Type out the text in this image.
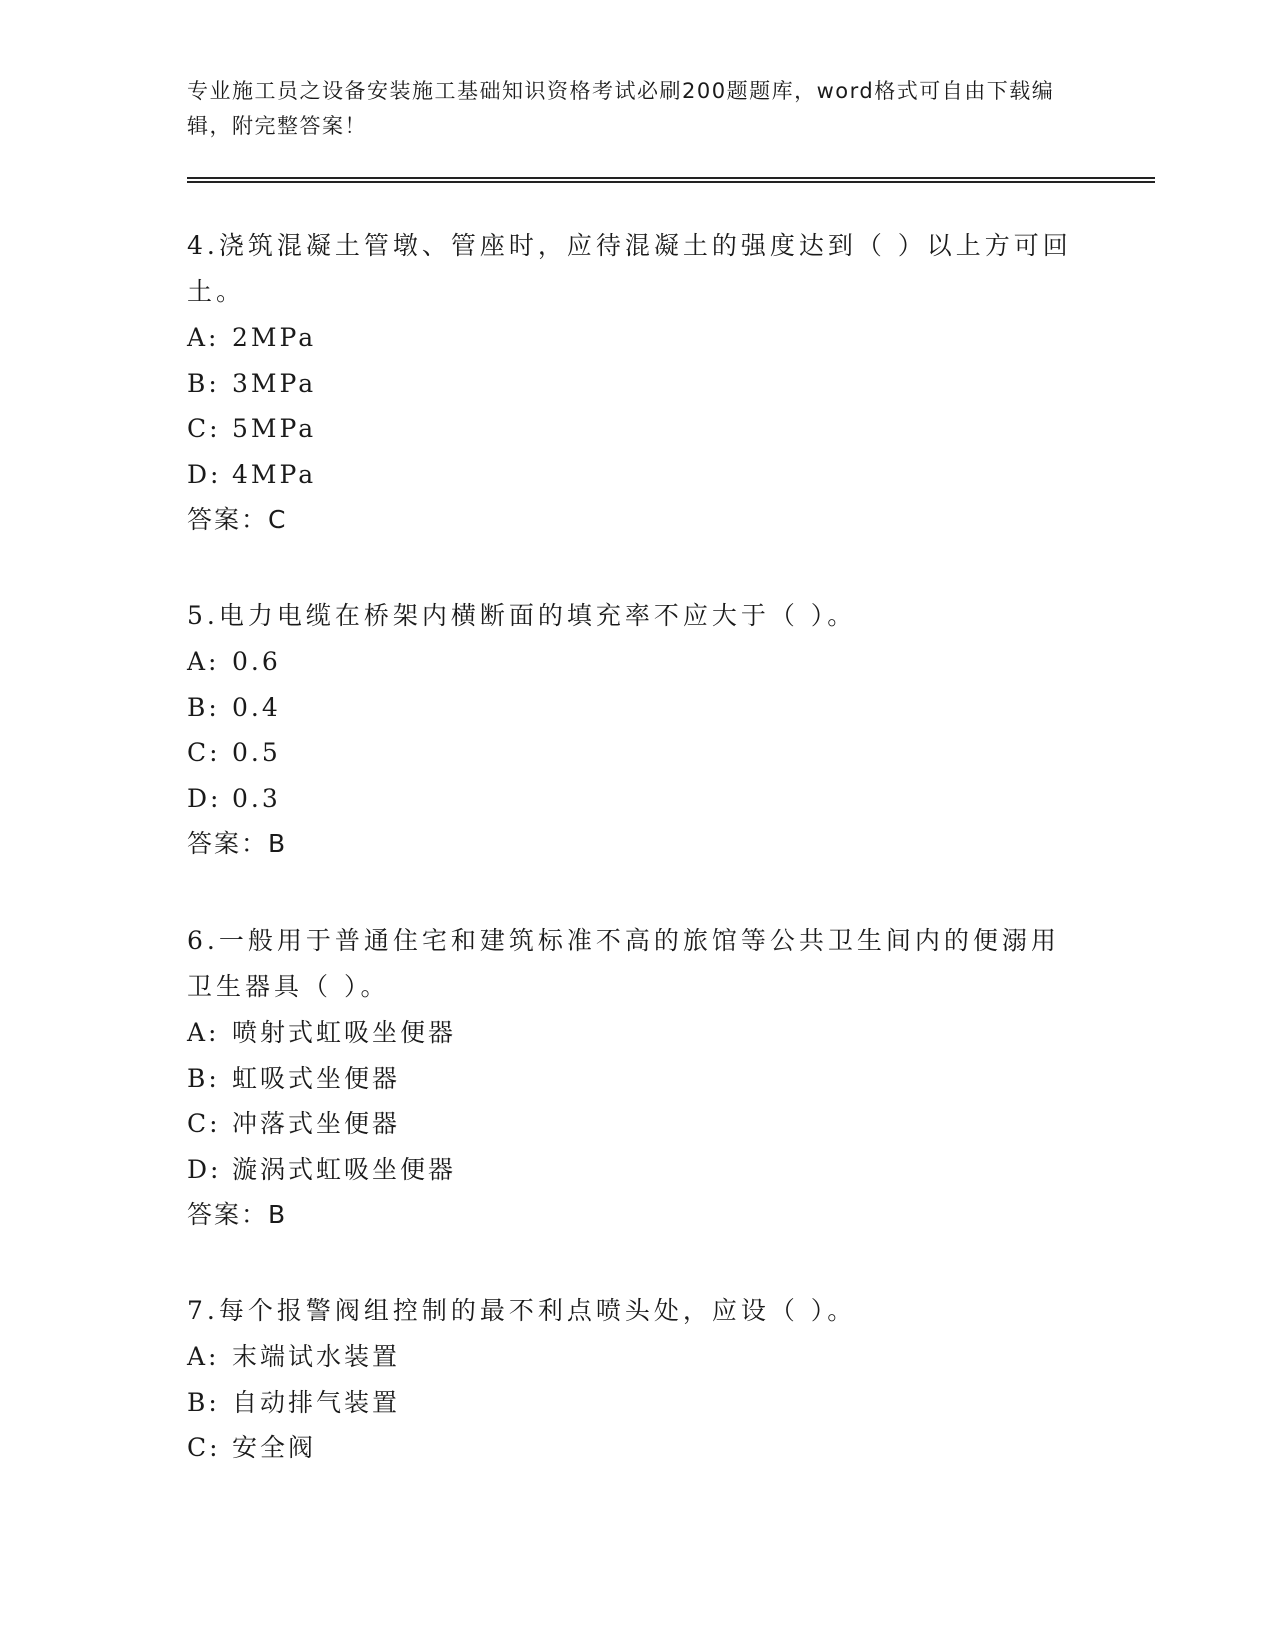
专业施工员之设备安装施工基础知识资格考试必刷200题题库，word格式可自由下载编辑，附完整答案！

4.浇筑混凝土管墩、管座时，应待混凝土的强度达到（ ）以上方可回土。

A: 2MPa

B: 3MPa

C: 5MPa

D: 4MPa

答案：C

5.电力电缆在桥架内横断面的填充率不应大于（ ）。

A: 0.6

B: 0.4

C: 0.5

D: 0.3

答案：B

6.一般用于普通住宅和建筑标准不高的旅馆等公共卫生间内的便溺用卫生器具（ ）。

A: 喷射式虹吸坐便器

B: 虹吸式坐便器

C: 冲落式坐便器

D: 漩涡式虹吸坐便器

答案：B

7.每个报警阀组控制的最不利点喷头处，应设（ ）。

A: 末端试水装置

B: 自动排气装置

C: 安全阀
